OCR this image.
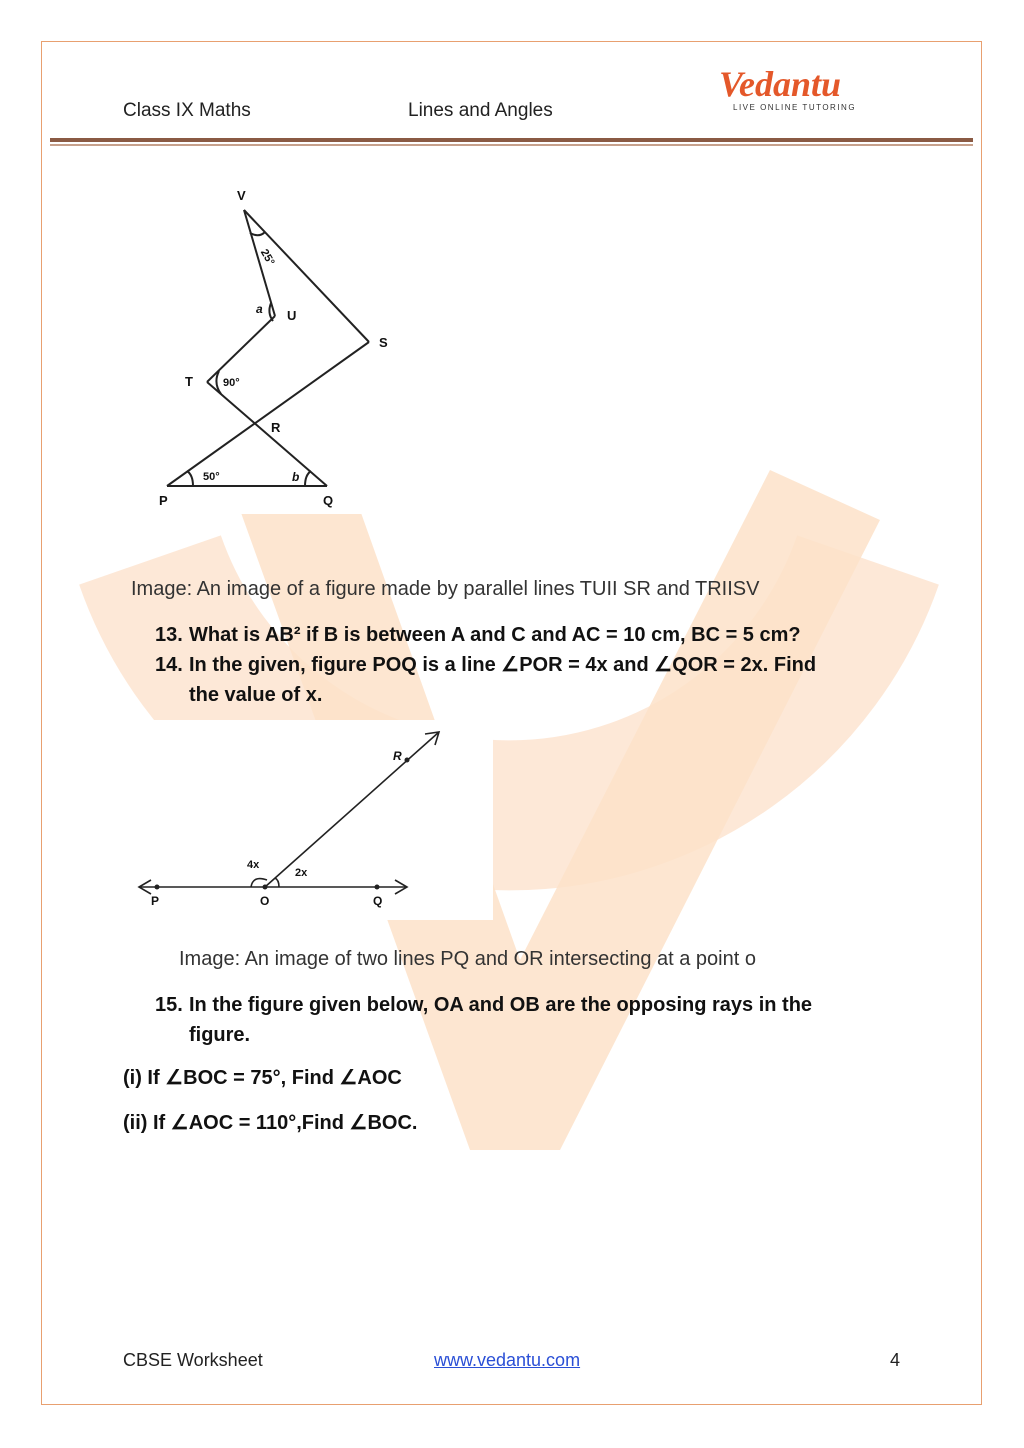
Class IX Maths	Lines and Angles
Vedantu
LIVE ONLINE TUTORING
V
U
S
T
R
P	Q
25°
a
90°
50°	b
Image: An image of a figure made by parallel lines TUII SR and TRIISV
13. What is AB² if B is between A and C and AC = 10 cm, BC = 5 cm?
14. In the given, figure POQ is a line ∠POR = 4x and ∠QOR = 2x. Find
the value of x.
R
P	O	Q
4x
2x
Image: An image of two lines PQ and OR intersecting at a point o
15. In the figure given below, OA and OB are the opposing rays in the
figure.
(i) If ∠BOC = 75°, Find ∠AOC
(ii) If ∠AOC = 110°,Find ∠BOC.
CBSE Worksheet	www.vedantu.com	4
